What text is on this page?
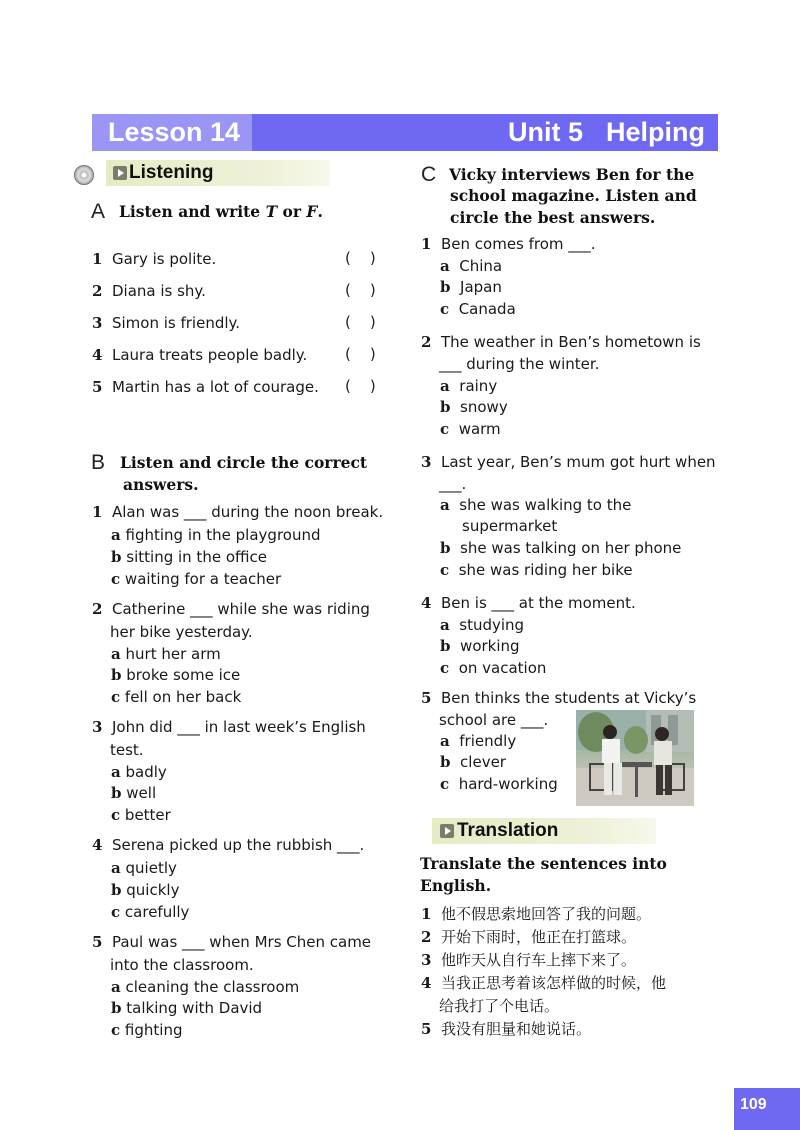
Lesson 14	Unit 5 Helping
Listening
A Listen and write T or F.
1 Gary is polite.	(    )
2 Diana is shy.	(    )
3 Simon is friendly.	(    )
4 Laura treats people badly.	(    )
5 Martin has a lot of courage. (    )
B Listen and circle the correct
answers.
1 Alan was ___ during the noon break.
a fighting in the playground
b sitting in the office
c waiting for a teacher
2 Catherine ___ while she was riding
her bike yesterday.
a hurt her arm
b broke some ice
c fell on her back
3 John did ___ in last week’s English
test.
a badly
b well
c better
4 Serena picked up the rubbish ___.
a quietly
b quickly
c carefully
5 Paul was ___ when Mrs Chen came
into the classroom.
a cleaning the classroom
b talking with David
c fighting
C Vicky interviews Ben for the
school magazine. Listen and
circle the best answers.
1 Ben comes from ___.
a China
b Japan
c Canada
2 The weather in Ben’s hometown is
___ during the winter.
a rainy
b snowy
c warm
3 Last year, Ben’s mum got hurt when
___.
a she was walking to the
supermarket
b she was talking on her phone
c she was riding her bike
4 Ben is ___ at the moment.
a studying
b working
c on vacation
5 Ben thinks the students at Vicky’s
school are ___.
a friendly
b clever
c hard-working
Translation
Translate the sentences into
English.
1 他不假思索地回答了我的问题。
2 开始下雨时，他正在打篮球。
3 他昨天从自行车上摔下来了。
4 当我正思考着该怎样做的时候，他
给我打了个电话。
5 我没有胆量和她说话。
109
